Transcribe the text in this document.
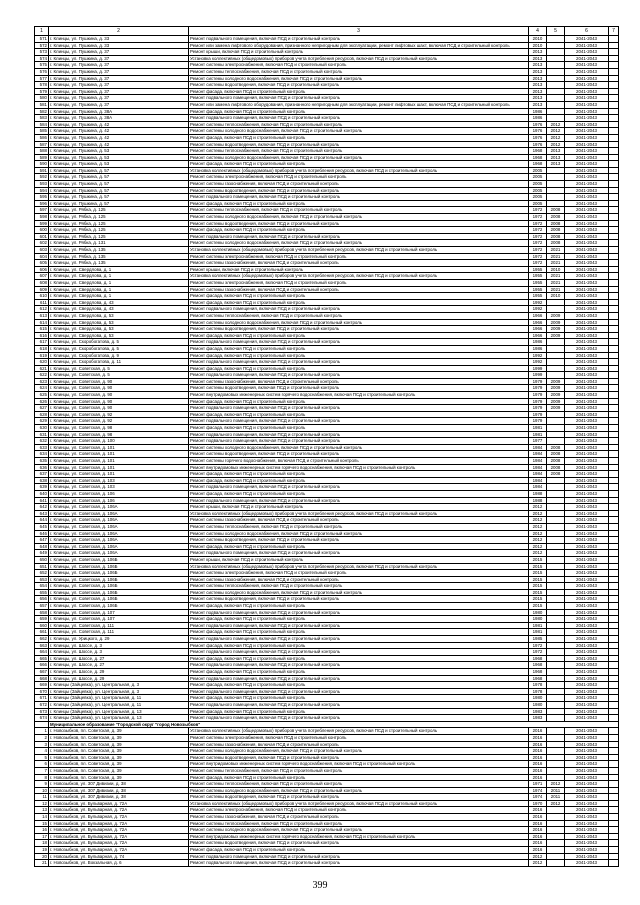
1	2	3	4	5	6	7
571	г. Клинцы, ул. Пушкина, д. 33	Ремонт подвального помещения, включая ПСД и строительный контроль	2010		2041-2043	
572	г. Клинцы, ул. Пушкина, д. 33	Ремонт или замена лифтового оборудования, признанного непригодным для эксплуатации, ремонт лифтовых шахт, включая ПСД и строительный контроль	2010		2041-2043	
573	г. Клинцы, ул. Пушкина, д. 37	Ремонт крыши, включая ПСД и строительный контроль	2013		2041-2043	
574	г. Клинцы, ул. Пушкина, д. 37	Установка коллективных (общедомовых) приборов учета потребления ресурсов, включая ПСД и строительный контроль	2013		2041-2043	
575	г. Клинцы, ул. Пушкина, д. 37	Ремонт системы электроснабжения, включая ПСД и строительный контроль	2013		2041-2043	
576	г. Клинцы, ул. Пушкина, д. 37	Ремонт системы теплоснабжения, включая ПСД и строительный контроль	2013		2041-2043	
577	г. Клинцы, ул. Пушкина, д. 37	Ремонт системы холодного водоснабжения, включая ПСД и строительный контроль	2013		2041-2043	
578	г. Клинцы, ул. Пушкина, д. 37	Ремонт системы водоотведения, включая ПСД и строительный контроль	2013		2041-2043	
579	г. Клинцы, ул. Пушкина, д. 37	Ремонт фасада, включая ПСД и строительный контроль	2013		2041-2043	
580	г. Клинцы, ул. Пушкина, д. 37	Ремонт подвального помещения, включая ПСД и строительный контроль	2013		2041-2043	
581	г. Клинцы, ул. Пушкина, д. 37	Ремонт или замена лифтового оборудования, признанного непригодным для эксплуатации, ремонт лифтовых шахт, включая ПСД и строительный контроль	2013		2041-2043	
582	г. Клинцы, ул. Пушкина, д. 38А	Ремонт фасада, включая ПСД и строительный контроль	1986		2041-2043	
583	г. Клинцы, ул. Пушкина, д. 38А	Ремонт подвального помещения, включая ПСД и строительный контроль	1986		2041-2043	
584	г. Клинцы, ул. Пушкина, д. 42	Ремонт системы теплоснабжения, включая ПСД и строительный контроль	1976	2012	2041-2043	
585	г. Клинцы, ул. Пушкина, д. 42	Ремонт системы холодного водоснабжения, включая ПСД и строительный контроль	1976	2012	2041-2043	
586	г. Клинцы, ул. Пушкина, д. 42	Ремонт фасада, включая ПСД и строительный контроль	1976	2012	2041-2043	
587	г. Клинцы, ул. Пушкина, д. 42	Ремонт системы водоотведения, включая ПСД и строительный контроль	1976	2012	2041-2043	
588	г. Клинцы, ул. Пушкина, д. 53	Ремонт системы теплоснабжения, включая ПСД и строительный контроль	1968	2013	2041-2043	
589	г. Клинцы, ул. Пушкина, д. 53	Ремонт системы холодного водоснабжения, включая ПСД и строительный контроль	1968	2013	2041-2043	
590	г. Клинцы, ул. Пушкина, д. 53	Ремонт фасада, включая ПСД и строительный контроль	1968	2013	2041-2043	
591	г. Клинцы, ул. Пушкина, д. 57	Установка коллективных (общедомовых) приборов учета потребления ресурсов, включая ПСД и строительный контроль	2005		2041-2043	
592	г. Клинцы, ул. Пушкина, д. 57	Ремонт системы электроснабжения, включая ПСД и строительный контроль	2005		2041-2043	
593	г. Клинцы, ул. Пушкина, д. 57	Ремонт системы газоснабжения, включая ПСД и строительный контроль	2005		2041-2043	
594	г. Клинцы, ул. Пушкина, д. 57	Ремонт системы водоотведения, включая ПСД и строительный контроль	2005		2041-2043	
595	г. Клинцы, ул. Пушкина, д. 57	Ремонт подвального помещения, включая ПСД и строительный контроль	2005		2041-2043	
596	г. Клинцы, ул. Пушкина, д. 57	Ремонт фасада, включая ПСД и строительный контроль	2005		2041-2043	
597	г. Клинцы, ул. Рябка, д. 125	Ремонт системы теплоснабжения, включая ПСД и строительный контроль	1972	2008	2041-2043	
598	г. Клинцы, ул. Рябка, д. 125	Ремонт системы холодного водоснабжения, включая ПСД и строительный контроль	1972	2008	2041-2043	
599	г. Клинцы, ул. Рябка, д. 125	Ремонт системы водоотведения, включая ПСД и строительный контроль	1972	2008	2041-2043	
600	г. Клинцы, ул. Рябка, д. 125	Ремонт фасада, включая ПСД и строительный контроль	1972	2008	2041-2043	
601	г. Клинцы, ул. Рябка, д. 125	Ремонт подвального помещения, включая ПСД и строительный контроль	1972	2008	2041-2043	
602	г. Клинцы, ул. Рябка, д. 131	Ремонт системы холодного водоснабжения, включая ПСД и строительный контроль	1972	2008	2041-2043	
603	г. Клинцы, ул. Рябка, д. 135	Установка коллективных (общедомовых) приборов учета потребления ресурсов, включая ПСД и строительный контроль	1972	2021	2041-2043	
604	г. Клинцы, ул. Рябка, д. 135	Ремонт системы электроснабжения, включая ПСД и строительный контроль	1972	2021	2041-2043	
605	г. Клинцы, ул. Рябка, д. 135	Ремонт системы газоснабжения, включая ПСД и строительный контроль	1972	2021	2041-2043	
606	г. Клинцы, ул. Свердлова, д. 1	Ремонт крыши, включая ПСД и строительный контроль	1955	2010	2041-2043	
607	г. Клинцы, ул. Свердлова, д. 1	Установка коллективных (общедомовых) приборов учета потребления ресурсов, включая ПСД и строительный контроль	1955	2021	2041-2043	
608	г. Клинцы, ул. Свердлова, д. 1	Ремонт системы электроснабжения, включая ПСД и строительный контроль	1955	2021	2041-2043	
609	г. Клинцы, ул. Свердлова, д. 1	Ремонт системы газоснабжения, включая ПСД и строительный контроль	1955	2021	2041-2043	
610	г. Клинцы, ул. Свердлова, д. 1	Ремонт фасада, включая ПСД и строительный контроль	1955	2010	2041-2043	
611	г. Клинцы, ул. Свердлова, д. 43	Ремонт фасада, включая ПСД и строительный контроль	1992		2041-2043	
612	г. Клинцы, ул. Свердлова, д. 43	Ремонт подвального помещения, включая ПСД и строительный контроль	1992		2041-2043	
613	г. Клинцы, ул. Свердлова, д. 53	Ремонт системы теплоснабжения, включая ПСД и строительный контроль	1966	2009	2041-2043	
614	г. Клинцы, ул. Свердлова, д. 53	Ремонт системы холодного водоснабжения, включая ПСД и строительный контроль	1966	2009	2041-2043	
615	г. Клинцы, ул. Свердлова, д. 53	Ремонт системы водоотведения, включая ПСД и строительный контроль	1966	2009	2041-2043	
616	г. Клинцы, ул. Свердлова, д. 53	Ремонт фасада, включая ПСД и строительный контроль	1966	2009	2041-2043	
617	г. Клинцы, ул. Скоробогатова, д. 5	Ремонт подвального помещения, включая ПСД и строительный контроль	1986		2041-2043	
618	г. Клинцы, ул. Скоробогатова, д. 5	Ремонт фасада, включая ПСД и строительный контроль	1986		2041-2043	
619	г. Клинцы, ул. Скоробогатова, д. 9	Ремонт фасада, включая ПСД и строительный контроль	1992		2041-2043	
620	г. Клинцы, ул. Скоробогатова, д. 11	Ремонт подвального помещения, включая ПСД и строительный контроль	1992		2041-2043	
621	г. Клинцы, ул. Советская, д. 5	Ремонт фасада, включая ПСД и строительный контроль	1999		2041-2043	
622	г. Клинцы, ул. Советская, д. 5	Ремонт подвального помещения, включая ПСД и строительный контроль	1999		2041-2043	
623	г. Клинцы, ул. Советская, д. 90	Ремонт системы газоснабжения, включая ПСД и строительный контроль	1979	2009	2041-2043	
624	г. Клинцы, ул. Советская, д. 90	Ремонт системы водоотведения, включая ПСД и строительный контроль	1979	2009	2041-2043	
625	г. Клинцы, ул. Советская, д. 90	Ремонт внутридомовых инженерных систем горячего водоснабжения, включая ПСД и строительный контроль	1979	2009	2041-2043	
626	г. Клинцы, ул. Советская, д. 90	Ремонт фасада, включая ПСД и строительный контроль	1979	2009	2041-2043	
627	г. Клинцы, ул. Советская, д. 90	Ремонт подвального помещения, включая ПСД и строительный контроль	1979	2009	2041-2043	
628	г. Клинцы, ул. Советская, д. 92	Ремонт фасада, включая ПСД и строительный контроль	1979		2041-2043	
629	г. Клинцы, ул. Советская, д. 92	Ремонт подвального помещения, включая ПСД и строительный контроль	1979		2041-2043	
630	г. Клинцы, ул. Советская, д. 98	Ремонт фасада, включая ПСД и строительный контроль	1981		2041-2043	
631	г. Клинцы, ул. Советская, д. 98	Ремонт подвального помещения, включая ПСД и строительный контроль	1981		2041-2043	
632	г. Клинцы, ул. Советская, д. 100	Ремонт подвального помещения, включая ПСД и строительный контроль	1977		2041-2043	
633	г. Клинцы, ул. Советская, д. 101	Ремонт системы холодного водоснабжения, включая ПСД и строительный контроль	1984	2008	2041-2043	
634	г. Клинцы, ул. Советская, д. 101	Ремонт системы водоотведения, включая ПСД и строительный контроль	1984	2008	2041-2043	
635	г. Клинцы, ул. Советская, д. 101	Ремонт системы горячего водоснабжения, включая ПСД и строительный контроль	1984	2008	2041-2043	
636	г. Клинцы, ул. Советская, д. 101	Ремонт внутридомовых инженерных систем горячего водоснабжения, включая ПСД и строительный контроль	1984	2008	2041-2043	
637	г. Клинцы, ул. Советская, д. 101	Ремонт фасада, включая ПСД и строительный контроль	1984	2008	2041-2043	
638	г. Клинцы, ул. Советская, д. 103	Ремонт фасада, включая ПСД и строительный контроль	1984		2041-2043	
639	г. Клинцы, ул. Советская, д. 103	Ремонт подвального помещения, включая ПСД и строительный контроль	1984		2041-2043	
640	г. Клинцы, ул. Советская, д. 106	Ремонт фасада, включая ПСД и строительный контроль	1988		2041-2043	
641	г. Клинцы, ул. Советская, д. 106	Ремонт подвального помещения, включая ПСД и строительный контроль	1988		2041-2043	
642	г. Клинцы, ул. Советская, д. 106А	Ремонт крыши, включая ПСД и строительный контроль	2012		2041-2043	
643	г. Клинцы, ул. Советская, д. 106А	Установка коллективных (общедомовых) приборов учета потребления ресурсов, включая ПСД и строительный контроль	2012		2041-2043	
644	г. Клинцы, ул. Советская, д. 106А	Ремонт системы газоснабжения, включая ПСД и строительный контроль	2012		2041-2043	
645	г. Клинцы, ул. Советская, д. 106А	Ремонт системы теплоснабжения, включая ПСД и строительный контроль	2012		2041-2043	
646	г. Клинцы, ул. Советская, д. 106А	Ремонт системы холодного водоснабжения, включая ПСД и строительный контроль	2012		2041-2043	
647	г. Клинцы, ул. Советская, д. 106А	Ремонт системы водоотведения, включая ПСД и строительный контроль	2012		2041-2043	
648	г. Клинцы, ул. Советская, д. 106А	Ремонт фасада, включая ПСД и строительный контроль	2012		2041-2043	
649	г. Клинцы, ул. Советская, д. 106А	Ремонт подвального помещения, включая ПСД и строительный контроль	2012		2041-2043	
650	г. Клинцы, ул. Советская, д. 106Б	Ремонт крыши, включая ПСД и строительный контроль	2015		2041-2043	
651	г. Клинцы, ул. Советская, д. 106Б	Установка коллективных (общедомовых) приборов учета потребления ресурсов, включая ПСД и строительный контроль	2015		2041-2043	
652	г. Клинцы, ул. Советская, д. 106Б	Ремонт системы электроснабжения, включая ПСД и строительный контроль	2015		2041-2043	
653	г. Клинцы, ул. Советская, д. 106Б	Ремонт системы газоснабжения, включая ПСД и строительный контроль	2015		2041-2043	
654	г. Клинцы, ул. Советская, д. 106Б	Ремонт системы теплоснабжения, включая ПСД и строительный контроль	2015		2041-2043	
655	г. Клинцы, ул. Советская, д. 106Б	Ремонт системы холодного водоснабжения, включая ПСД и строительный контроль	2015		2041-2043	
656	г. Клинцы, ул. Советская, д. 106Б	Ремонт системы водоотведения, включая ПСД и строительный контроль	2015		2041-2043	
657	г. Клинцы, ул. Советская, д. 106Б	Ремонт фасада, включая ПСД и строительный контроль	2015		2041-2043	
658	г. Клинцы, ул. Советская, д. 107	Ремонт подвального помещения, включая ПСД и строительный контроль	1980		2041-2043	
659	г. Клинцы, ул. Советская, д. 107	Ремонт фасада, включая ПСД и строительный контроль	1980		2041-2043	
660	г. Клинцы, ул. Советская, д. 111	Ремонт подвального помещения, включая ПСД и строительный контроль	1981		2041-2043	
661	г. Клинцы, ул. Советская, д. 111	Ремонт фасада, включая ПСД и строительный контроль	1981		2041-2043	
662	г. Клинцы, ул. Урицкого, д. 29	Ремонт подвального помещения, включая ПСД и строительный контроль	1985		2041-2043	
663	г. Клинцы, ул. Шоссе, д. 3	Ремонт фасада, включая ПСД и строительный контроль	1972		2041-2043	
664	г. Клинцы, ул. Шоссе, д. 3	Ремонт подвального помещения, включая ПСД и строительный контроль	1972		2041-2043	
665	г. Клинцы, ул. Шоссе, д. 27	Ремонт фасада, включая ПСД и строительный контроль	1968		2041-2043	
666	г. Клинцы, ул. Шоссе, д. 27	Ремонт подвального помещения, включая ПСД и строительный контроль	1968		2041-2043	
667	г. Клинцы, ул. Шоссе, д. 29	Ремонт фасада, включая ПСД и строительный контроль	1968		2041-2043	
668	г. Клинцы, ул. Шоссе, д. 29	Ремонт подвального помещения, включая ПСД и строительный контроль	1968		2041-2043	
669	г. Клинцы (Зайцевка), ул. Центральная, д. 3	Ремонт фасада, включая ПСД и строительный контроль	1978		2041-2043	
670	г. Клинцы (Зайцевка), ул. Центральная, д. 3	Ремонт подвального помещения, включая ПСД и строительный контроль	1978		2041-2043	
671	г. Клинцы (Зайцевка), ул. Центральная, д. 11	Ремонт фасада, включая ПСД и строительный контроль	1980		2041-2043	
672	г. Клинцы (Зайцевка), ул. Центральная, д. 11	Ремонт подвального помещения, включая ПСД и строительный контроль	1980		2041-2043	
673	г. Клинцы (Зайцевка), ул. Центральная, д. 13	Ремонт фасада, включая ПСД и строительный контроль	1983		2041-2043	
674	г. Клинцы (Зайцевка), ул. Центральная, д. 13	Ремонт подвального помещения, включая ПСД и строительный контроль	1983		2041-2043	
	Муниципальное образование "Городской округ "город Новозыбков"					
1	г. Новозыбков, пл. Советская, д. 39	Установка коллективных (общедомовых) приборов учета потребления ресурсов, включая ПСД и строительный контроль	2016		2041-2043	
2	г. Новозыбков, пл. Советская, д. 39	Ремонт системы электроснабжения, включая ПСД и строительный контроль	2016		2041-2043	
3	г. Новозыбков, пл. Советская, д. 39	Ремонт системы газоснабжения, включая ПСД и строительный контроль	2016		2041-2043	
4	г. Новозыбков, пл. Советская, д. 39	Ремонт системы холодного водоснабжения, включая ПСД и строительный контроль	2016		2041-2043	
5	г. Новозыбков, пл. Советская, д. 39	Ремонт системы водоотведения, включая ПСД и строительный контроль	2016		2041-2043	
6	г. Новозыбков, пл. Советская, д. 39	Ремонт внутридомовых инженерных систем горячего водоснабжения, включая ПСД и строительный контроль	2016		2041-2043	
7	г. Новозыбков, пл. Советская, д. 39	Ремонт системы теплоснабжения, включая ПСД и строительный контроль	2016		2041-2043	
8	г. Новозыбков, пл. Советская, д. 39	Ремонт фасада, включая ПСД и строительный контроль	2016		2041-2043	
9	г. Новозыбков, ул. 307 Дивизии, д. 38	Ремонт системы теплоснабжения, включая ПСД и строительный контроль	1971	2012	2041-2043	
10	г. Новозыбков, ул. 307 Дивизии, д. 38	Ремонт системы холодного водоснабжения, включая ПСД и строительный контроль	1974	2011	2041-2043	
11	г. Новозыбков, ул. 307 Дивизии, д. 38	Ремонт системы водоотведения, включая ПСД и строительный контроль	1974	2011	2041-2043	
12	г. Новозыбков, ул. Бульварная, д. 72А	Установка коллективных (общедомовых) приборов учета потребления ресурсов, включая ПСД и строительный контроль	1970	2012	2041-2043	
13	г. Новозыбков, ул. Бульварная, д. 72А	Ремонт системы электроснабжения, включая ПСД и строительный контроль	2016		2041-2043	
14	г. Новозыбков, ул. Бульварная, д. 72А	Ремонт системы газоснабжения, включая ПСД и строительный контроль	2016		2041-2043	
15	г. Новозыбков, ул. Бульварная, д. 72А	Ремонт системы теплоснабжения, включая ПСД и строительный контроль	2016		2041-2043	
16	г. Новозыбков, ул. Бульварная, д. 72А	Ремонт системы холодного водоснабжения, включая ПСД и строительный контроль	2016		2041-2043	
17	г. Новозыбков, ул. Бульварная, д. 72А	Ремонт внутридомовых инженерных систем горячего водоснабжения, включая ПСД и строительный контроль	2016		2041-2043	
18	г. Новозыбков, ул. Бульварная, д. 72А	Ремонт системы водоотведения, включая ПСД и строительный контроль	2016		2041-2043	
19	г. Новозыбков, ул. Бульварная, д. 72А	Ремонт фасада, включая ПСД и строительный контроль	2016		2041-2043	
20	г. Новозыбков, ул. Бульварная, д. 74	Ремонт подвального помещения, включая ПСД и строительный контроль	2012		2041-2043	
21	г. Новозыбков, ул. Вокзальная, д. 6	Ремонт подвального помещения, включая ПСД и строительный контроль	2012		2041-2043	
399
